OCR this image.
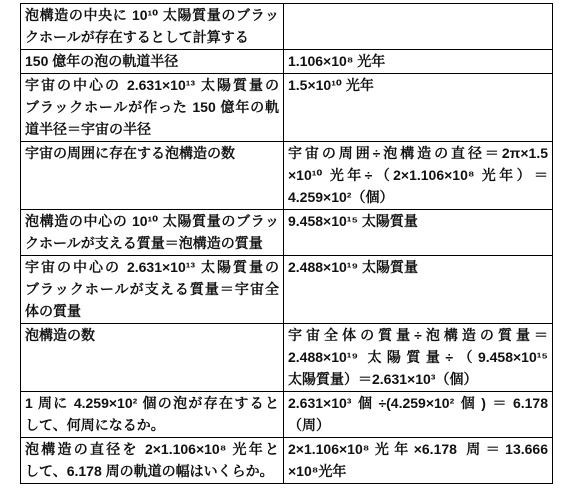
泡構造の中央に 10¹⁰ 太陽質量のブラッ
クホールが存在するとして計算する	

150 億年の泡の軌道半径	1.106×10⁸ 光年

宇宙の中心の 2.631×10¹³ 太陽質量の
ブラックホールが作った 150 億年の軌
道半径＝宇宙の半径	1.5×10¹⁰ 光年

宇宙の周囲に存在する泡構造の数	宇宙の周囲÷泡構造の直径＝2π×1.5
×10¹⁰ 光年÷（2×1.106×10⁸ 光年）＝
4.259×10²（個）

泡構造の中心の 10¹⁰ 太陽質量のブラッ
クホールが支える質量＝泡構造の質量	9.458×10¹⁵ 太陽質量

宇宙の中心の 2.631×10¹³ 太陽質量の
ブラックホールが支える質量＝宇宙全
体の質量	2.488×10¹⁹ 太陽質量

泡構造の数	宇宙全体の質量÷泡構造の質量＝
2.488×10¹⁹ 太陽質量÷（9.458×10¹⁵
太陽質量）＝2.631×10³（個）

1 周に 4.259×10² 個の泡が存在すると
して、何周になるか。	2.631×10³個÷(4.259×10²個)＝6.178
（周）

泡構造の直径を 2×1.106×10⁸ 光年と
して、6.178 周の軌道の幅はいくらか。	2×1.106×10⁸光年×6.178 周＝13.666
×10⁸光年
